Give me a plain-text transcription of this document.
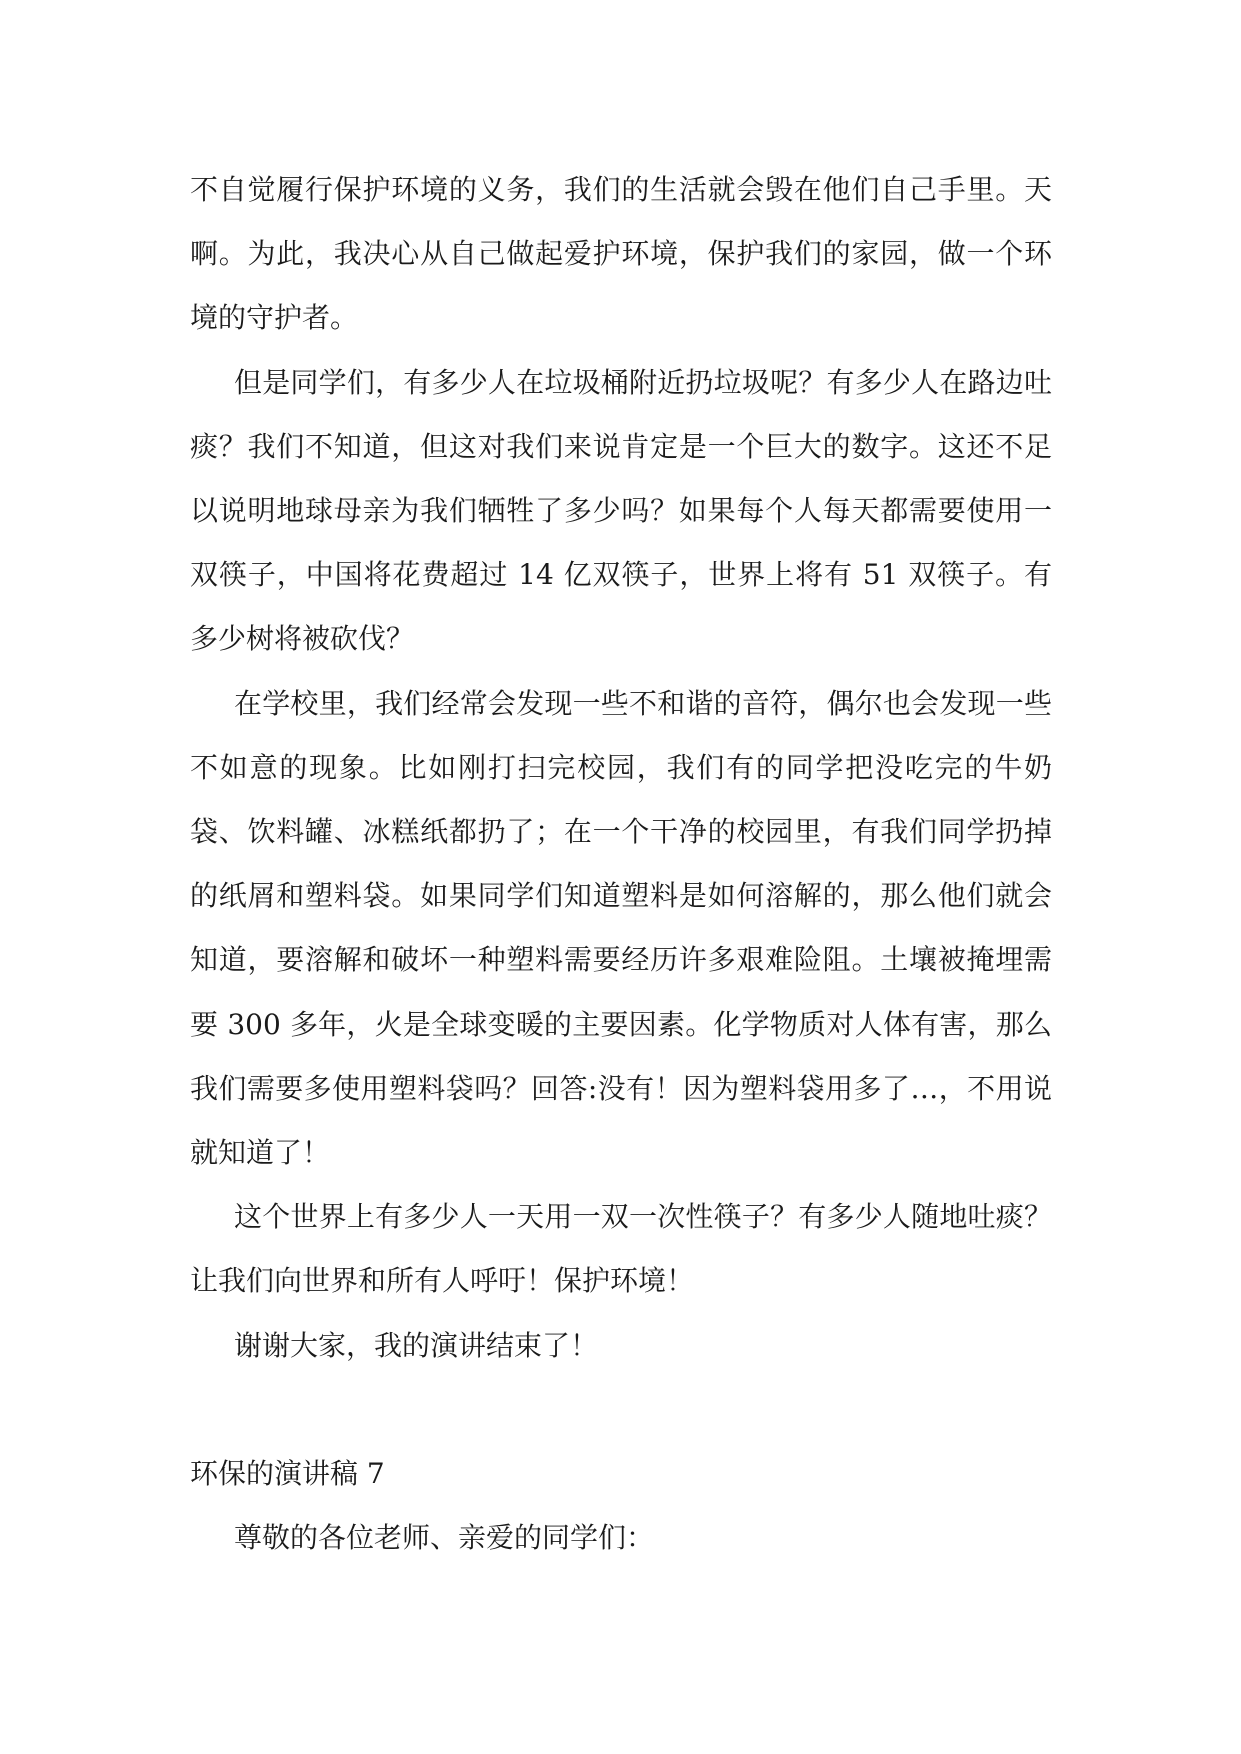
不自觉履行保护环境的义务，我们的生活就会毁在他们自己手里。天啊。为此，我决心从自己做起爱护环境，保护我们的家园，做一个环境的守护者。

但是同学们，有多少人在垃圾桶附近扔垃圾呢？有多少人在路边吐痰？我们不知道，但这对我们来说肯定是一个巨大的数字。这还不足以说明地球母亲为我们牺牲了多少吗？如果每个人每天都需要使用一双筷子，中国将花费超过 14 亿双筷子，世界上将有 51 双筷子。有多少树将被砍伐？

在学校里，我们经常会发现一些不和谐的音符，偶尔也会发现一些不如意的现象。比如刚打扫完校园，我们有的同学把没吃完的牛奶袋、饮料罐、冰糕纸都扔了；在一个干净的校园里，有我们同学扔掉的纸屑和塑料袋。如果同学们知道塑料是如何溶解的，那么他们就会知道，要溶解和破坏一种塑料需要经历许多艰难险阻。土壤被掩埋需要 300 多年，火是全球变暖的主要因素。化学物质对人体有害，那么我们需要多使用塑料袋吗？回答:没有！因为塑料袋用多了…，不用说就知道了！

这个世界上有多少人一天用一双一次性筷子？有多少人随地吐痰？让我们向世界和所有人呼吁！保护环境！

谢谢大家，我的演讲结束了！

环保的演讲稿 7

尊敬的各位老师、亲爱的同学们：
